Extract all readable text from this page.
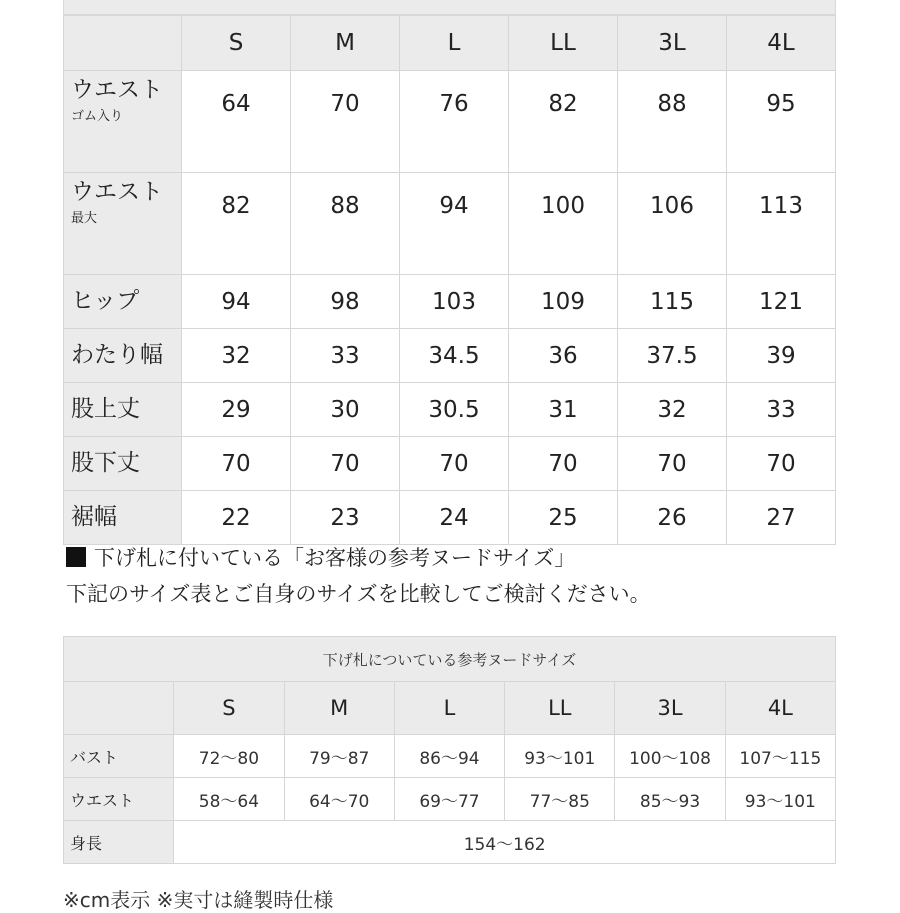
	S	M	L	LL	3L	4L
ウエスト
ゴム入り	64	70	76	82	88	95
ウエスト
最大	82	88	94	100	106	113
ヒップ	94	98	103	109	115	121
わたり幅	32	33	34.5	36	37.5	39
股上丈	29	30	30.5	31	32	33
股下丈	70	70	70	70	70	70
裾幅	22	23	24	25	26	27
下げ札に付いている「お客様の参考ヌードサイズ」
下記のサイズ表とご自身のサイズを比較してご検討ください。
下げ札についている参考ヌードサイズ						
	S	M	L	LL	3L	4L
バスト	72～80	79～87	86～94	93～101	100～108	107～115
ウエスト	58～64	64～70	69～77	77～85	85～93	93～101
身長	154～162					
※cm表示 ※実寸は縫製時仕様
